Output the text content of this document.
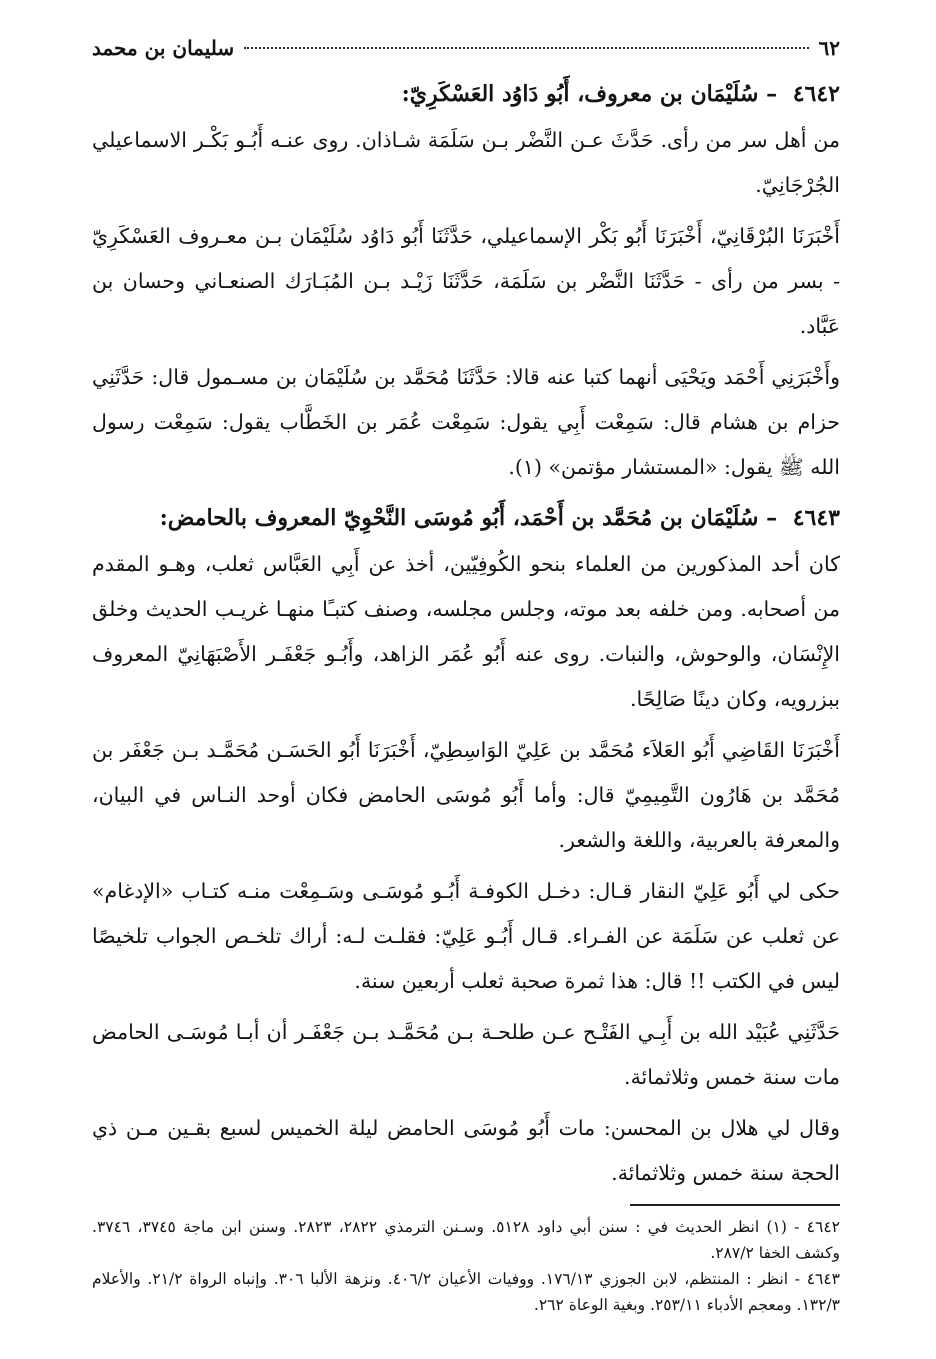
٦٢
سليمان بن محمد
٤٦٤٢ – سُلَيْمَان بن معروف، أَبُو دَاوُد العَسْكَرِيّ:

من أهل سر من رأى. حَدَّثَ عـن النَّضْر بـن سَلَمَة شـاذان. روى عنـه أَبُـو بَكْـر الاسماعيلي الجُرْجَانِيّ.

أَخْبَرَنَا البُرْقَانِيّ، أَخْبَرَنَا أَبُو بَكْر الإسماعيلي، حَدَّثَنَا أَبُو دَاوُد سُلَيْمَان بـن معـروف العَسْكَرِيّ - بسر من رأى - حَدَّثَنَا النَّضْر بن سَلَمَة، حَدَّثَنَا زَيْـد بـن المُبَـارَك الصنعـاني وحسان بن عَبَّاد.

وأَخْبَرَنِي أَحْمَد ويَحْيَى أنهما كتبا عنه قالا: حَدَّثَنَا مُحَمَّد بن سُلَيْمَان بن مسـمول قال: حَدَّثَنِي حزام بن هشام قال: سَمِعْت أَبِي يقول: سَمِعْت عُمَر بن الخَطَّاب يقول: سَمِعْت رسول الله ﷺ يقول: «المستشار مؤتمن» (١).

٤٦٤٣ – سُلَيْمَان بن مُحَمَّد بن أَحْمَد، أَبُو مُوسَى النَّحْوِيّ المعروف بالحامض:

كان أحد المذكورين من العلماء بنحو الكُوفِيّين، أخذ عن أَبِي العَبَّاس ثعلب، وهـو المقدم من أصحابه. ومن خلفه بعد موته، وجلس مجلسه، وصنف كتبـًا منهـا غريـب الحديث وخلق الإِنْسَان، والوحوش، والنبات. روى عنه أَبُو عُمَر الزاهد، وأَبُـو جَعْفَـر الأَصْبَهَانِيّ المعروف ببزرويه، وكان دينًا صَالِحًا.

أَخْبَرَنَا القَاضِي أَبُو العَلاَء مُحَمَّد بن عَلِيّ الوَاسِطِيّ، أَخْبَرَنَا أَبُو الحَسَـن مُحَمَّـد بـن جَعْفَر بن مُحَمَّد بن هَارُون التَّمِيمِيّ قال: وأما أَبُو مُوسَى الحامض فكان أوحد النـاس في البيان، والمعرفة بالعربية، واللغة والشعر.

حكى لي أَبُو عَلِيّ النقار قـال: دخـل الكوفـة أَبُـو مُوسَـى وسَـمِعْت منـه كتـاب «الإدغام» عن ثعلب عن سَلَمَة عن الفـراء. قـال أَبُـو عَلِيّ: فقلـت لـه: أراك تلخـص الجواب تلخيصًا ليس في الكتب !! قال: هذا ثمرة صحبة ثعلب أربعين سنة.

حَدَّثَنِي عُبَيْد الله بن أَبِـي الفَتْـح عـن طلحـة بـن مُحَمَّـد بـن جَعْفَـر أن أبـا مُوسَـى الحامض مات سنة خمس وثلاثمائة.

وقال لي هلال بن المحسن: مات أَبُو مُوسَى الحامض ليلة الخميس لسبع بقـين مـن ذي الحجة سنة خمس وثلاثمائة.

٤٦٤٢ - (١) انظر الحديث في : سنن أبي داود ٥١٢٨. وسـنن الترمذي ٢٨٢٢، ٢٨٢٣. وسنن ابن ماجة ٣٧٤٥، ٣٧٤٦. وكشف الخفا ٢٨٧/٢.

٤٦٤٣ - انظر : المنتظم، لابن الجوزي ١٧٦/١٣. ووفيات الأعيان ٤٠٦/٢. ونزهة الألبا ٣٠٦. وإنباه الرواة ٢١/٢. والأعلام ١٣٢/٣. ومعجم الأدباء ٢٥٣/١١. وبغية الوعاة ٢٦٢.
